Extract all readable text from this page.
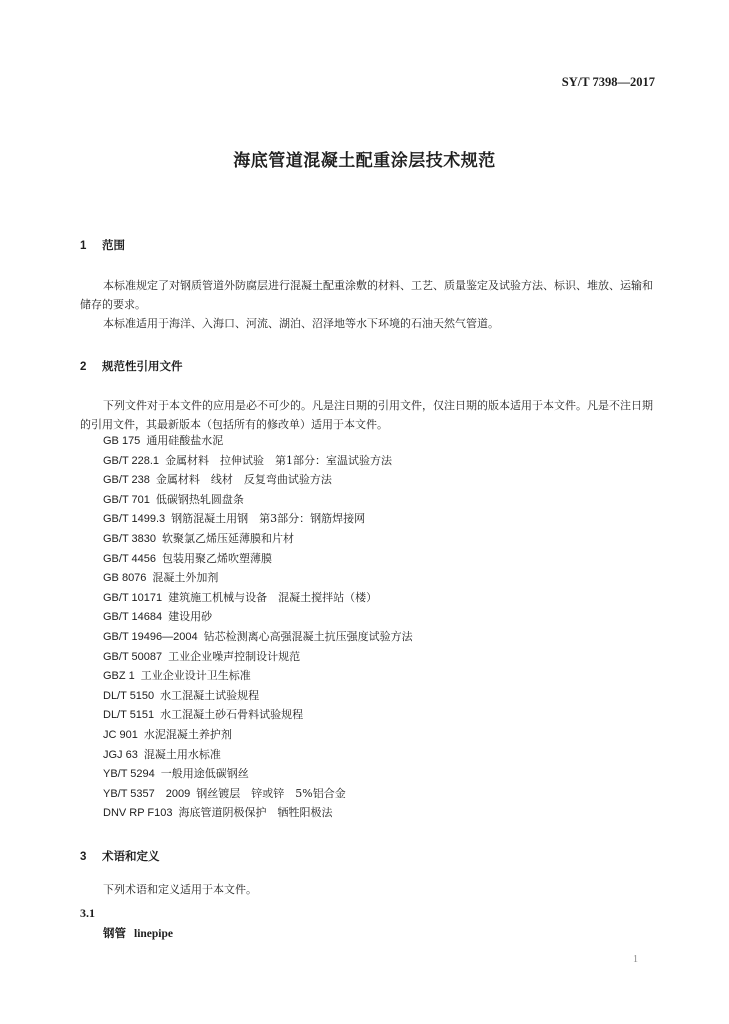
SY/T 7398—2017
海底管道混凝土配重涂层技术规范
1 范围

本标准规定了对钢质管道外防腐层进行混凝土配重涂敷的材料、工艺、质量鉴定及试验方法、标识、堆放、运输和储存的要求。

本标准适用于海洋、入海口、河流、湖泊、沼泽地等水下环境的石油天然气管道。

2 规范性引用文件

下列文件对于本文件的应用是必不可少的。凡是注日期的引用文件，仅注日期的版本适用于本文件。凡是不注日期的引用文件，其最新版本（包括所有的修改单）适用于本文件。

GB 175 通用硅酸盐水泥
GB/T 228.1 金属材料　拉伸试验　第1部分：室温试验方法
GB/T 238 金属材料　线材　反复弯曲试验方法
GB/T 701 低碳钢热轧圆盘条
GB/T 1499.3 钢筋混凝土用钢　第3部分：钢筋焊接网
GB/T 3830 软聚氯乙烯压延薄膜和片材
GB/T 4456 包装用聚乙烯吹塑薄膜
GB 8076 混凝土外加剂
GB/T 10171 建筑施工机械与设备　混凝土搅拌站（楼）
GB/T 14684 建设用砂
GB/T 19496—2004 钻芯检测离心高强混凝土抗压强度试验方法
GB/T 50087 工业企业噪声控制设计规范
GBZ 1 工业企业设计卫生标准
DL/T 5150 水工混凝土试验规程
DL/T 5151 水工混凝土砂石骨料试验规程
JC 901 水泥混凝土养护剂
JGJ 63 混凝土用水标准
YB/T 5294 一般用途低碳钢丝
YB/T 5357　2009 钢丝镀层　锌或锌　5%铝合金
DNV RP F103 海底管道阴极保护　牺牲阳极法
3 术语和定义

下列术语和定义适用于本文件。

3.1
钢管 linepipe
1
